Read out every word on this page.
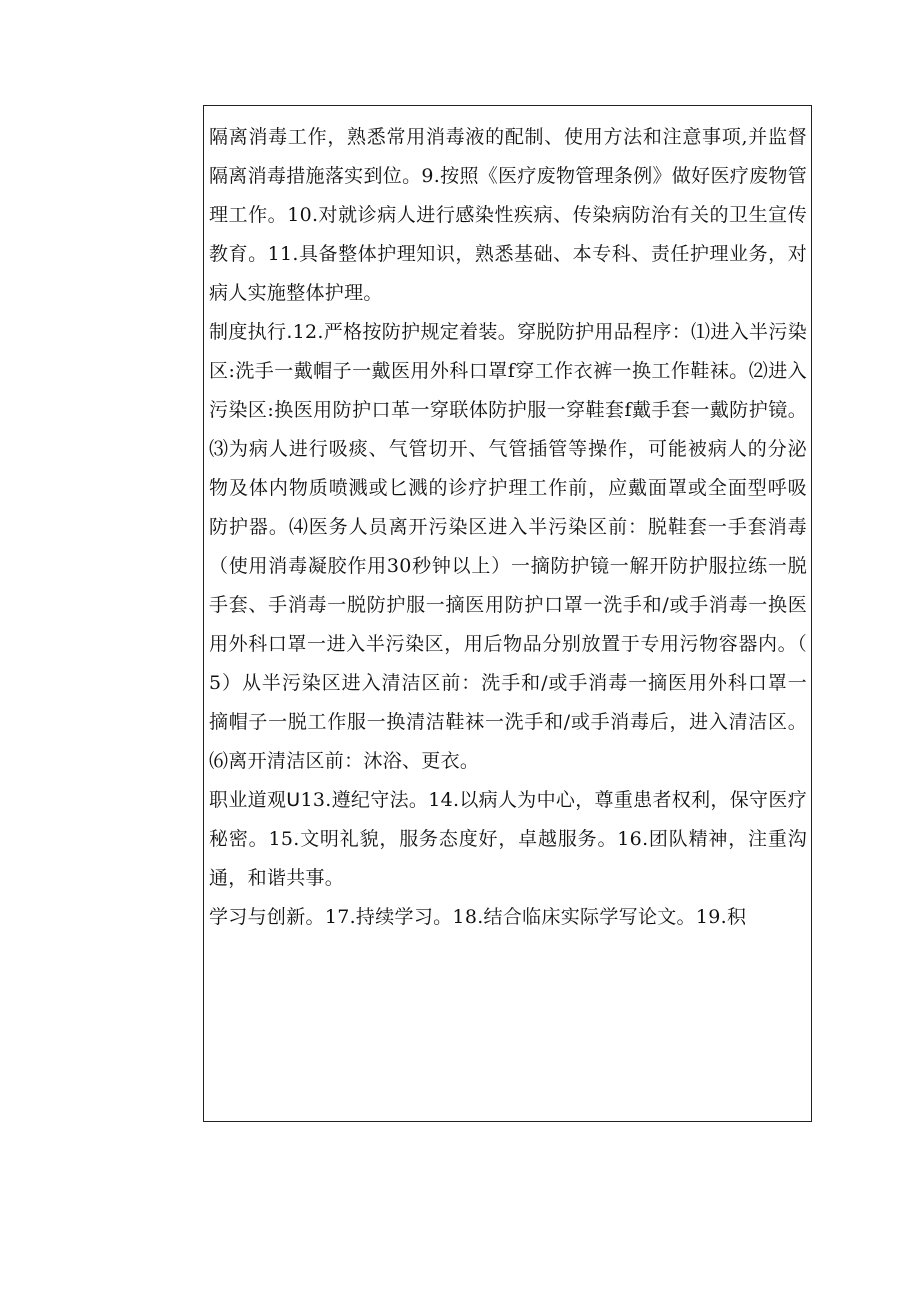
隔离消毒工作，熟悉常用消毒液的配制、使用方法和注意事项,并监督隔离消毒措施落实到位。9.按照《医疗废物管理条例》做好医疗废物管理工作。10.对就诊病人进行感染性疾病、传染病防治有关的卫生宣传教育。11.具备整体护理知识，熟悉基础、本专科、责任护理业务，对病人实施整体护理。

制度执行.12.严格按防护规定着装。穿脱防护用品程序：⑴进入半污染区:洗手一戴帽子一戴医用外科口罩f穿工作衣裤一换工作鞋袜。⑵进入污染区:换医用防护口革一穿联体防护服一穿鞋套f戴手套一戴防护镜。⑶为病人进行吸痰、气管切开、气管插管等操作，可能被病人的分泌物及体内物质喷溅或匕溅的诊疗护理工作前，应戴面罩或全面型呼吸防护器。⑷医务人员离开污染区进入半污染区前：脱鞋套一手套消毒（使用消毒凝胶作用30秒钟以上）一摘防护镜一解开防护服拉练一脱手套、手消毒一脱防护服一摘医用防护口罩一洗手和/或手消毒一换医用外科口罩一进入半污染区，用后物品分别放置于专用污物容器内。（5）从半污染区进入清洁区前：洗手和/或手消毒一摘医用外科口罩一摘帽子一脱工作服一换清洁鞋袜一洗手和/或手消毒后，进入清洁区。⑹离开清洁区前：沐浴、更衣。

职业道观U13.遵纪守法。14.以病人为中心，尊重患者权利，保守医疗秘密。15.文明礼貌，服务态度好，卓越服务。16.团队精神，注重沟通，和谐共事。

学习与创新。17.持续学习。18.结合临床实际学写论文。19.积
